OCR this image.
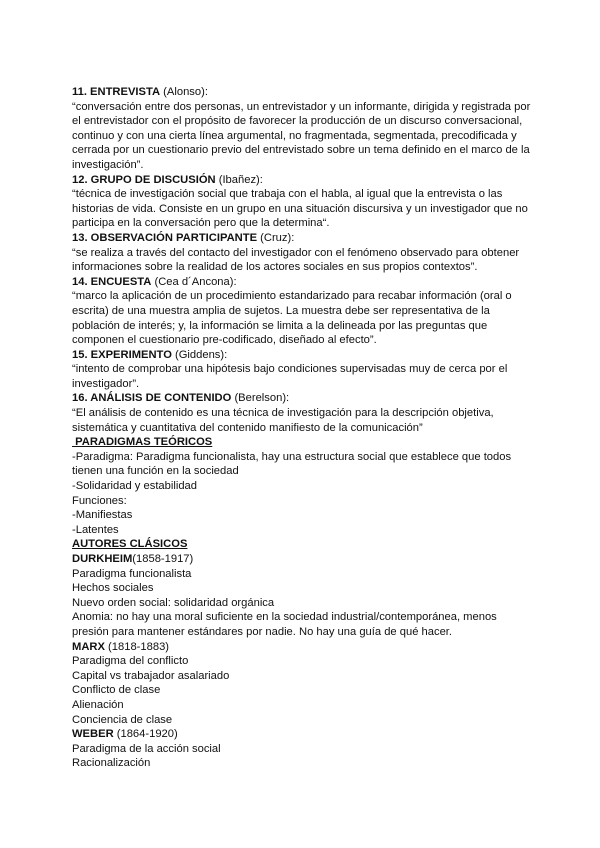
11. ENTREVISTA (Alonso):
“conversación entre dos personas, un entrevistador y un informante, dirigida y registrada por el entrevistador con el propósito de favorecer la producción de un discurso conversacional, continuo y con una cierta línea argumental, no fragmentada, segmentada, precodificada y cerrada por un cuestionario previo del entrevistado sobre un tema definido en el marco de la investigación”.
12. GRUPO DE DISCUSIÓN (Ibañez):
“técnica de investigación social que trabaja con el habla, al igual que la entrevista o las historias de vida. Consiste en un grupo en una situación discursiva y un investigador que no participa en la conversación pero que la determina“.
13. OBSERVACIÓN PARTICIPANTE (Cruz):
“se realiza a través del contacto del investigador con el fenómeno observado para obtener informaciones sobre la realidad de los actores sociales en sus propios contextos”.
14. ENCUESTA (Cea d´Ancona):
“marco la aplicación de un procedimiento estandarizado para recabar información (oral o escrita) de una muestra amplia de sujetos. La muestra debe ser representativa de la población de interés; y, la información se limita a la delineada por las preguntas que componen el cuestionario pre-codificado, diseñado al efecto”.
15. EXPERIMENTO (Giddens):
“intento de comprobar una hipótesis bajo condiciones supervisadas muy de cerca por el investigador”.
16. ANÁLISIS DE CONTENIDO (Berelson):
“El análisis de contenido es una técnica de investigación para la descripción objetiva, sistemática y cuantitativa del contenido manifiesto de la comunicación”
PARADIGMAS TEÓRICOS
-Paradigma: Paradigma funcionalista, hay una estructura social que establece que todos tienen una función en la sociedad
-Solidaridad y estabilidad
Funciones:
-Manifiestas
-Latentes
AUTORES CLÁSICOS
DURKHEIM(1858-1917)
Paradigma funcionalista
Hechos sociales
Nuevo orden social: solidaridad orgánica
Anomia: no hay una moral suficiente en la sociedad industrial/contemporánea, menos presión para mantener estándares por nadie. No hay una guía de qué hacer.
MARX (1818-1883)
Paradigma del conflicto
Capital vs trabajador asalariado
Conflicto de clase
Alienación
Conciencia de clase
WEBER (1864-1920)
Paradigma de la acción social
Racionalización
